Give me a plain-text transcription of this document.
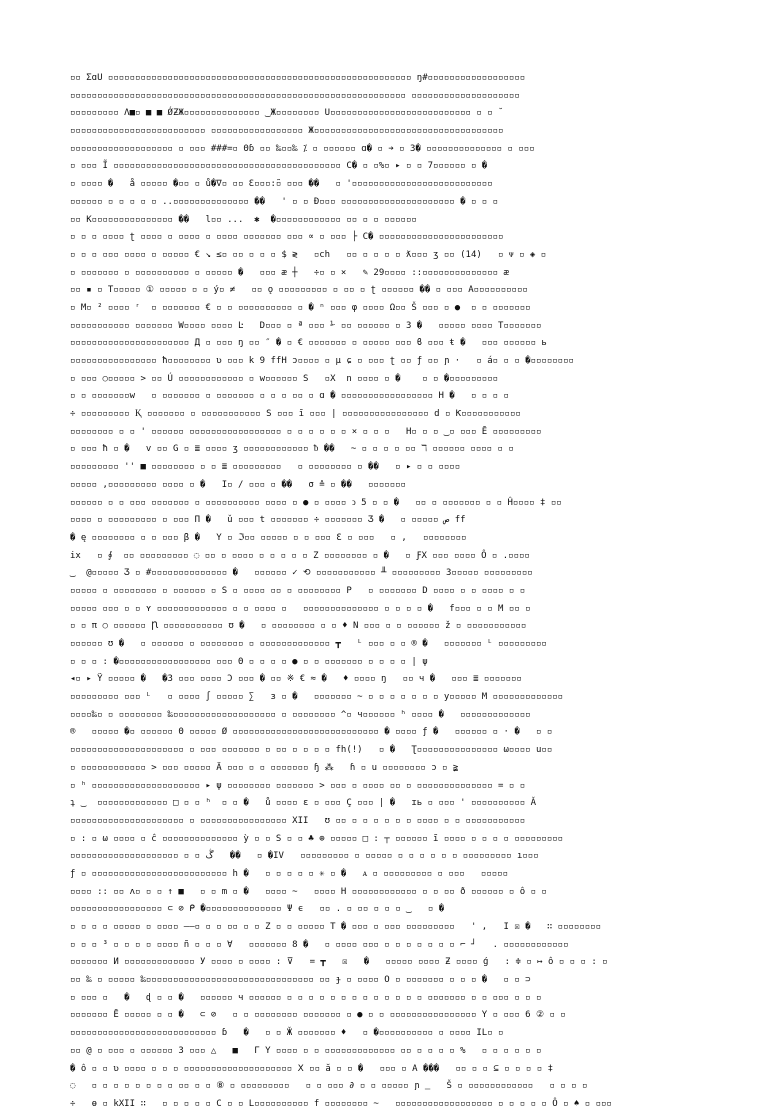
▫▫ ƩɑU ▫▫▫▫▫▫▫▫▫▫▫▫▫▫▫▫▫▫▫▫▫▫▫▫▫▫▫▫▫▫▫▫▫▫▫▫▫▫▫▫▫▫▫▫▫▫▫▫▫▫▫▫▫▫▫▫ ŋ#▫▫▫▫▫▫▫▫▫▫▫▫▫▫▫▫▫▫
▫▫▫▫▫▫▫▫▫▫▫▫▫▫▫▫▫▫▫▫▫▫▫▫▫▫▫▫▫▫▫▫▫▫▫▫▫▫▫▫▫▫▫▫▫▫▫▫▫▫▫▫▫▫▫▫▫▫▫▫▫▫ ▫▫▫▫▫▫▫▫▫▫▫▫▫▫▫▫▫▫▫▫
▫▫▫▫▫▫▫▫▫ Λ■▫ ■ ■ ǾƵЖ▫▫▫▫▫▫▫▫▫▫▫▫▫▫ ‿Ж▫▫▫▫▫▫▫▫ U▫▫▫▫▫▫▫▫▫▫▫▫▫▫▫▫▫▫▫▫▫▫▫▫▫▫ ▫ ▫ ˘
▫▫▫▫▫▫▫▫▫▫▫▫▫▫▫▫▫▫▫▫▫▫▫▫▫ ▫▫▫▫▫▫▫▫▫▫▫▫▫▫▫▫▫ Ж▫▫▫▫▫▫▫▫▫▫▫▫▫▫▫▫▫▫▫▫▫▫▫▫▫▫▫▫▫▫▫▫▫▫▫
▫▫▫▫▫▫▫▫▫▫▫▫▫▫▫▫▫▫▫ ▫ ▫▫▫ ###=▫ Θɓ ▫▫ ‰▫▫‰ ⁒ ▫ ▫▫▫▫▫▫ ɑ� ▫ ➔ ▫ 3� ▫▫▫▫▫▫▫▫▫▫▫▫▫▫ ▫ ▫▫▫
▫ ▫▫▫ Ĩ ▫▫▫▫▫▫▫▫▫▫▫▫▫▫▫▫▫▫▫▫▫▫▫▫▫▫▫▫▫▫▫▫▫▫▫▫▫▫▫▫▫▫ C� ▫ ▫%▫ ▸ ▫ ▫ 7▫▫▫▫▫▫ ▫ �
▫ ▫▫▫▫ �   å ▫▫▫▫▫ �▫▫ ▫ ů�∇▫ ▫▫ Ɛ▫▫▫:̃▫ ▫▫▫ ��   ▫ '▫▫▫▫▫▫▫▫▫▫▫▫▫▫▫▫▫▫▫▫▫▫▫▫▫▫
▫▫▫▫▫▫ ▫ ▫ ▫ ▫ ▫ ..▫▫▫▫▫▫▫▫▫▫▫▫▫▫ ��   ' ▫ ▫ Đ▫▫▫ ▫▫▫▫▫▫▫▫▫▫▫▫▫▫▫▫▫▫▫▫▫ � ▫ ▫ ▫
▫▫ K▫▫▫▫▫▫▫▫▫▫▫▫▫▫▫ ��   l▫▫ ...  ✱  �▫▫▫▫▫▫▫▫▫▫▫▫ ▫▫ ▫ ▫ ▫▫▫▫▫▫
▫ ▫ ▫ ▫▫▫▫ ʈ ▫▫▫▫ ▫ ▫▫▫▫ ▫ ▫▫▫▫ ▫▫▫▫▫▫▫ ▫▫▫ ∝ ▫ ▫▫▫ ├ C� ▫▫▫▫▫▫▫▫▫▫▫▫▫▫▫▫▫▫▫▫▫▫▫
▫ ▫ ▫ ▫▫▫ ▫▫▫▫ ▫ ▫▫▫▫▫ € ↘ ≤▫ ▫▫ ▫ ▫ ▫ $ ≷   ▫ch   ▫▫ ▫ ▫ ▫ ▫ ƛ▫▫▫ ʒ ▫▫ (14)   ▫ ᴪ ▫ ◈ ▫
▫ ▫▫▫▫▫▫▫ ▫ ▫▫▫▫▫▫▫▫▫▫ ▫ ▫▫▫▫▫ �   ▫▫▫ æ ┼   ÷▫ ▫ ×   ✎ 29▫▫▫▫ ::▫▫▫▫▫▫▫▫▫▫▫▫▫▫ æ
▫▫ ▪ ▫ T▫▫▫▫▫ ① ▫▫▫▫▫ ▫ ▫ ý▫ ≠   ▫▫ ǫ ▫▫▫▫▫▫▫▫▫ ▫ ▫▫ ▫ ʈ ▫▫▫▫▫▫ �� ▫ ▫▫▫ A▫▫▫▫▫▫▫▫▫▫
▫ M▫ ² ▫▫▫▫ ʳ  ▫ ▫▫▫▫▫▫▫ € ▫ ▫ ▫▫▫▫▫▫▫▫▫▫ ▫ � ⁿ ▫▫▫ φ ▫▫▫▫ Ω▫▫ Š ▫▫▫ ▫ ●  ▫ ▫ ▫▫▫▫▫▫▫
▫▫▫▫▫▫▫▫▫▫▫ ▫▫▫▫▫▫▫ W▫▫▫▫ ▫▫▫▫ Ŀ   D▫▫▫ ▫ ª ▫▫▫ ⅟ ▫▫ ▫▫▫▫▫▫ ▫ 3 �   ▫▫▫▫▫ ▫▫▫▫ T▫▫▫▫▫▫▫
▫▫▫▫▫▫▫▫▫▫▫▫▫▫▫▫▫▫▫▫▫▫ Д ▫ ▫▫▫ ŋ ▫▫ ″ � ▫ € ▫▫▫▫▫▫▫ ▫ ▫▫▫▫▫ ▫▫▫ ϐ ▫▫▫ ŧ �   ▫▫▫ ▫▫▫▫▫▫ ь
▫▫▫▫▫▫▫▫▫▫▫▫▫▫▫▫ ħ▫▫▫▫▫▫▫▫ ʋ ▫▫▫ k 9 ffH ɔ▫▫▫▫ ▫ μ ɕ ▫ ▫▫▫ ʈ ▫▫ ƒ ▫▫ ɲ ·   ▫ á▫ ▫ ▫ �▫▫▫▫▫▫▫▫
▫ ▫▫▫ ○▫▫▫▫▫ > ▫▫ Ú ▫▫▫▫▫▫▫▫▫▫▫▫ ▫ w▫▫▫▫▫▫ S   ▫X  n ▫▫▫▫ ▫ �    ▫ ▫ �▫▫▫▫▫▫▫▫▫
▫ ▫ ⁠▫▫▫▫▫▫▫w   ▫ ▫▫▫▫▫▫▫ ▫ ▫▫▫▫▫▫▫ ▫ ▫ ▫ ▫▫ ▫ ɑ � ▫▫▫▫▫▫▫▫▫▫▫▫▫▫▫▫▫ H �   ▫ ▫ ▫ ▫
÷ ▫▫▫▫▫▫▫▫▫ Ⱪ ▫▫▫▫▫▫▫ ▫ ▫▫▫▫▫▫▫▫▫▫▫ S ▫▫▫ ī ▫▫▫ | ▫▫▫▫▫▫▫▫▫▫▫▫▫▫▫▫ d ▫ Ƙ▫▫▫▫▫▫▫▫▫▫▫
▫▫▫▫▫▫▫▫ ▫ ▫ ' ▫▫▫▫▫▫ ▫▫▫▫▫▫▫▫▫▫▫▫▫▫▫▫▫ ▫ ▫ ▫ ▫ ▫ ▫ × ▫ ▫ ▫   H▫ ▫ ▫ ‿▫ ▫▫▫ Ē ▫▫▫▫▫▫▫▫▫
▫ ▫▫▫ ħ ▫ �   v ▫▫ G ▫ ≣ ▫▫▫▫ ʒ ▫▫▫▫▫▫▫▫▫▫▫▫ ᵬ ��   ~ ▫ ▫ ▫ ▫ ▫▫ ℸ ▫▫▫▫▫▫ ▫▫▫▫ ▫ ▫
▫▫▫▫▫▫▫▫▫ '' ■ ▫▫▫▫▫▫▫▫ ▫ ▫ ≣ ▫▫▫▫▫▫▫▫▫   ▫ ▫▫▫▫▫▫▫▫ ▫ ��   ▫ ▸ ▫ ▫ ▫▫▫▫
▫▫▫▫▫ ,▫▫▫▫▫▫▫▫▫ ▫▫▫▫ ▫ �   I▫ / ▫▫▫ ▫ ��   σ ≙ ▫ ��   ▫▫▫▫▫▫▫
▫▫▫▫▫▫ ▫ ▫ ▫▫▫ ▫▫▫▫▫▫▫ ▫ ▫▫▫▫▫▫▫▫▫▫ ▫▫▫▫ ▫ ● ▫ ▫▫▫▫ ↄ 5 ▫ ▫ �   ▫▫ ▫ ▫▫▫▫▫▫▫ ▫ ▫ Ĥ▫▫▫▫ ‡ ▫▫
▫▫▫▫ ▫ ▫▫▫▫▫▫▫▫▫ ▫ ▫▫▫ Π �   ǔ ▫▫▫ t ▫▫▫▫▫▫▫ ÷ ▫▫▫▫▫▫▫ Ʒ �   ▫ ▫▫▫▫▫ ص ff
� ę ▫▫▫▫▫▫▫▫ ▫ ▫ ▫▫▫ β �   Y ▫ ℑ▫▫ ▫▫▫▫▫ ▫ ▫ ▫▫▫ Ɛ ▫ ▫▫▫   ▫ ,   ▫▫▫▫▫▫▫▫
ix   ▫ ∮  ▫▫ ▫▫▫▫▫▫▫▫▫ ◌ ▫▫ ▫ ▫▫▫▫ ▫ ▫ ▫ ▫ ▫ Z ▫▫▫▫▫▫▫▫ ▫ �   ▫ ƑX ▫▫▫ ▫▫▫▫ Ô ▫ .▫▫▫▫
‿  @▫▫▫▫▫ Ʒ ▫ #▫▫▫▫▫▫▫▫▫▫▫▫▫▫ �   ▫▫▫▫▫▫ ✓ ⟲ ▫▫▫▫▫▫▫▫▫▫▫ ╨ ▫▫▫▫▫▫▫▫▫ 3▫▫▫▫▫ ▫▫▫▫▫▫▫▫▫
▫▫▫▫▫ ▫ ▫▫▫▫▫▫▫▫ ▫ ▫▫▫▫▫▫ ▫ S ▫ ▫▫▫▫ ▫▫ ▫ ▫▫▫▫▫▫▫▫ P   ▫ ▫▫▫▫▫▫▫ D ▫▫▫▫ ▫ ▫ ▫▫▫▫ ▫ ▫
▫▫▫▫▫ ▫▫▫ ▫ ▫ ʏ ▫▫▫▫▫▫▫▫▫▫▫▫▫ ▫ ▫ ▫▫▫▫ ▫   ▫▫▫▫▫▫▫▫▫▫▫▫▫▫ ▫ ▫ ▫ ▫ �   f▫▫▫ ▫ ▫ M ▫▫ ▫
▫ ▫ π ○ ▫▫▫▫▫▫ Ꞃ ▫▫▫▫▫▫▫▫▫▫▫ ʊ �   ▫ ▫▫▫▫▫▫▫▫ ▫ ▫ ♦ N ▫▫▫ ▫ ▫ ▫▫▫▫▫▫ ž ▫ ▫▫▫▫▫▫▫▫▫▫▫
▫▫▫▫▫▫ ʊ �   ▫ ▫▫▫▫▫▫ ▫ ▫▫▫▫▫▫▫▫ ▫ ▫▫▫▫▫▫▫▫▫▫▫▫▫ ┳   ᴸ ▫▫▫ ▫ ▫ ® �   ▫▫▫▫▫▫▫ ᴸ ▫▫▫▫▫▫▫▫▫
▫ ▫ ▫ : �▫▫▫▫▫▫▫▫▫▫▫▫▫▫▫▫▫ ▫▫▫ Θ ▫ ▫ ▫ ▫ ● ▫ ▫ ▫▫▫▫▫▫▫ ▫ ▫ ▫ ▫ | ψ
◂▫ ▸ Ÿ ▫▫▫▫▫ �   �3 ▫▫▫ ▫▫▫▫ Ɔ ▫▫▫ � ▫▫ ※ € ≈ �   ♦ ▫▫▫▫ ŋ   ▫▫ ч �   ▫▫▫ ≣ ▫▫▫▫▫▫▫
▫▫▫▫▫▫▫▫▫ ▫▫▫ ᴸ   ▫ ▫▫▫▫ ∫ ▫▫▫▫▫ ∑   ɜ ▫ �   ▫▫▫▫▫▫▫ ~ ▫ ▫ ▫ ▫ ▫ ▫ ▫ y▫▫▫▫▫ M ▫▫▫▫▫▫▫▫▫▫▫▫▫
▫▫▫▫‰▫ ▫ ▫▫▫▫▫▫▫▫ ‰▫▫▫▫▫▫▫▫▫▫▫▫▫▫▫▫▫▫▫ ▫ ▫▫▫▫▫▫▫▫ ^▫ ч▫▫▫▫▫▫ ʰ ▫▫▫▫ �   ▫▫▫▫▫▫▫▫▫▫▫▫▫
®   ▫▫▫▫▫ �▫ ▫▫▫▫▫▫ Θ ▫▫▫▫▫ Ø ▫▫▫▫▫▫▫▫▫▫▫▫▫▫▫▫▫▫▫▫▫▫▫▫▫▫▫ � ▫▫▫▫ ƒ �   ▫▫▫▫▫▫ ▫ · �   ▫ ▫
▫▫▫▫▫▫▫▫▫▫▫▫▫▫▫▫▫▫▫▫▫ ▫ ▫▫▫ ▫▫▫▫▫▫▫ ▫ ▫▫ ▫ ▫ ▫ ▫ fh(!)   ▫ �   Ʈ▫▫▫▫▫▫▫▫▫▫▫▫▫▫▫ ω▫▫▫▫ u▫▫
▫ ▫▫▫▫▫▫▫▫▫▫▫▫ > ▫▫▫ ▫▫▫▫▫ Ä ▫▫▫ ▫ ▫ ▫▫▫▫▫▫▫ ɧ ⁂   ɦ ▫ u ▫▫▫▫▫▫▫▫ ɔ ▫ ≩
▫ ʰ ▫▫▫▫▫▫▫▫▫▫▫▫▫▫▫▫▫▫▫▫ ▸ ψ ▫▫▫▫▫▫▫▫ ▫▫▫▫▫▫▫ > ▫▫▫ ▫ ▫▫▫▫ ▫▫ ▫ ▫▫▫▫▫▫▫▫▫▫▫▫▫▫ = ▫ ▫
ʇ ‿  ▫▫▫▫▫▫▫▫▫▫▫▫▫ □ ▫ ▫ ʰ  ▫ ▫ �   ů ▫▫▫▫ ɛ ▫ ▫▫▫ Ç ▫▫▫ | �   ɪь ▫ ▫▫▫ ' ▫▫▫▫▫▫▫▫▫▫ Ă
▫▫▫▫▫▫▫▫▫▫▫▫▫▫▫▫▫▫▫▫▫ ▫ ▫▫▫▫▫▫▫▫▫▫▫▫▫▫▫▫ XII   ʊ ▫▫ ▫ ▫ ▫ ▫ ▫ ▫ ▫▫▫▫ ▫ ▫ ▫▫▫▫▫▫▫▫▫▫▫
▫ : ▫ ω ▫▫▫▫ ▫ ĉ ▫▫▫▫▫▫▫▫▫▫▫▫▫▫ ỳ ▫ ▫ S ▫ ▫ ♣ ⊕ ▫▫▫▫▫ □ : ┬ ▫▫▫▫▫▫ ĩ ▫▫▫▫ ▫ ▫ ▫ ▫ ▫▫▫▫▫▫▫▫▫
▫▫▫▫▫▫▫▫▫▫▫▫▫▫▫▫▫▫▫▫ ▫ ▫ ڴ   ��   ▫ �IV   ▫▫▫▫▫▫▫▫▫ ▫ ▫▫▫▫▫ ▫ ▫ ▫ ▫ ▫ ▫ ▫▫▫▫▫▫▫▫▫ ı▫▫▫
ƒ ▫ ▫▫▫▫▫▫▫▫▫▫▫▫▫▫▫▫▫▫▫▫▫▫▫▫▫ h �   ▫ ▫ ▫ ▫ ▫ ✳ ▫ �   ᴀ ▫ ▫▫▫▫▫▫▫▫▫ ▫ ▫▫▫   ▫▫▫▫▫
▫▫▫▫ :: ▫▫ ʌ▫ ▫ ▫ ↑ ■   ▫ ▫ m ▫ �   ▫▫▫▫ ~   ▫▫▫▫ H ▫▫▫▫▫▫▫▫▫▫▫▫ ▫ ▫ ▫▫ ð ▫▫▫▫▫▫ ▫ ô ▫ ▫
▫▫▫▫▫▫▫▫▫▫▫▫▫▫▫▫▫ ⊂ ⊘ ᑭ �▫▫▫▫▫▫▫▫▫▫▫▫▫▫ Ψ ϵ   ▫▫ . ▫ ▫▫ ▫ ▫ ▫ ‿   ▫ �
▫ ▫ ▫ ▫ ▫▫▫▫▫ ▫ ▫▫▫▫ ——▫ ▫ ▫ ▫▫ ▫ ▫ Z ▫ ▫ ▫▫▫▫▫ T � ▫▫▫ ▫ ▫▫▫ ▫▫▫▫▫▫▫▫▫   ' ,   I ☒ �   ∷ ▫▫▫▫▫▫▫▫
▫ ▫ ▫ ³ ▫ ▫ ▫ ▫ ▫▫▫▫ ñ ▫ ▫ ▫ ∀   ▫▫▫▫▫▫▫ 8 �   ▫ ▫▫▫▫ ▫▫▫ ▫ ▫ ▫ ▫ ▫ ▫ ▫ ⌐ ┘   . ▫▫▫▫▫▫▫▫▫▫▫▫
▫▫▫▫▫▫▫ И ▫▫▫▫▫▫▫▫▫▫▫▫▫ У ▫▫▫▫ ▫ ▫▫▫▫ : ⊽   = ┳   ☒   �   ▫▫▫▫▫ ▫▫▫▫ Ƶ ▫▫▫▫ ǵ   : ≑ ▫ ↦ ô ▫ ▫ ▫ : ▫
▫▫ ‰ ▫ ▫▫▫▫▫ ‰▫▫▫▫▫▫▫▫▫▫▫▫▫▫▫▫▫▫▫▫▫▫▫▫▫▫▫▫▫▫▫ ▫▫ ɟ ▫ ▫▫▫▫ O ▫ ▫▫▫▫▫▫▫ ▫ ▫ ▫ �   ▫ ▫ ⊃
▫ ▫▫▫ ▫   �   ɖ ▫ ▫ �   ▫▫▫▫▫▫ ч ▫▫▫▫▫▫ ▫ ▫ ▫ ▫ ▫ ▫ ▫ ▫ ▫ ▫ ▫ ▫ ▫ ▫▫▫▫▫▫▫ ▫ ▫ ▫▫▫ ▫ ▫ ▫
▫▫▫▫▫▫▫ Ē ▫▫▫▫▫ ▫ ▫ �   ⊂ ⊘   ▫ ▫ ▫▫▫▫▫▫▫▫ ▫▫▫▫▫▫▫ ▫ ● ▫ ▫ ▫▫▫▫▫▫▫▫▫▫▫▫▫▫▫▫ Y ▫ ▫▫▫ 6 ② ▫ ▫
▫▫▫▫▫▫▫▫▫▫▫▫▫▫▫▫▫▫▫▫▫▫▫▫▫▫▫ ɓ   �   ▫ ▫ Ӂ ▫▫▫▫▫▫▫ ♦   ▫ �▫▫▫▫▫▫▫▫▫▫ ▫ ▫▫▫▫ IL▫ ▫
▫▫ @ ▫ ▫▫▫ ▫ ▫▫▫▫▫▫ 3 ▫▫▫ △   ■   Γ Y ▫▫▫▫ ▫ ▫ ▫▫▫▫▫▫▫▫▫▫▫▫▫ ▫▫ ▫ ▫ ▫ ▫ %   ▫ ▫ ▫ ▫ ▫ ▫
� ô ▫ ▫ ʋ ▫▫▫▫ ▫ ▫ ▫ ▫▫▫▫▫▫▫▫▫▫▫▫▫▫▫▫▫▫▫▫ Ⅹ ▫▫ ă ▫ ▫ �   ▫▫▫ ▫ A ���   ▫▫ ▫ ▫ ⊆ ▫ ▫ ▫ ▫ ‡
◌   ▫ ▫ ▫ ▫ ▫ ▫ ▫ ▫ ▫▫ ▫ ▫ ⑧ ▫ ▫▫▫▫▫▫▫▫▫   ▫ ▫ ▫▫▫ ∂ ▫ ▫ ▫▫▫▫▫ ɲ ‗   Š ▫ ▫▫▫▫▫▫▫▫▫▫▫▫   ▫ ▫ ▫ ▫
÷   ɵ ▫ kXII ∷   ▫ ▫ ▫ ▫ ▫ C ▫ ▫ L▫▫▫▫▫▫▫▫▫▫ f ▫▫▫▫▫▫▫▫ ~   ▫▫▫▫▫▫▫▫▫▫▫▫▫▫▫▫▫▫ ▫ ▫ ▫ ▫ ▫ Ô ▫ ♠ ▫ ▫▫▫
